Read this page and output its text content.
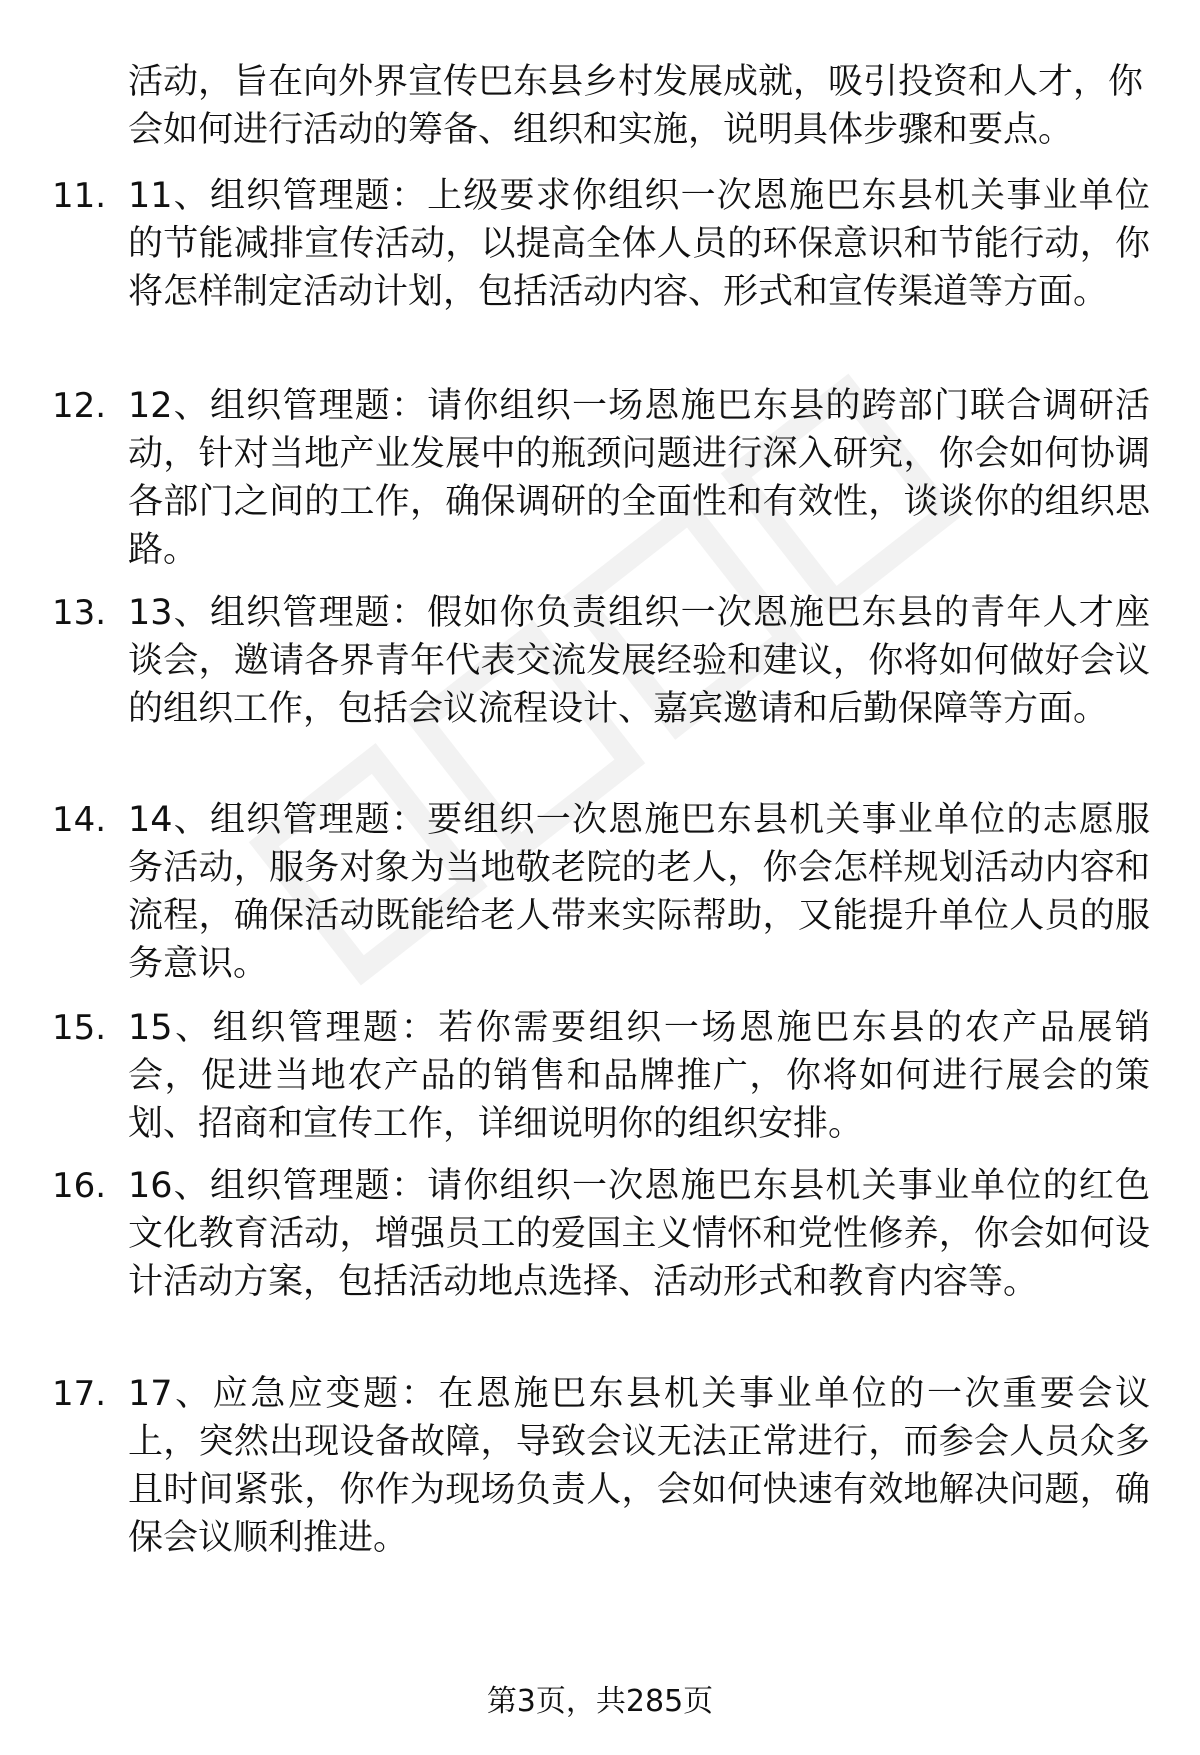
活动，旨在向外界宣传巴东县乡村发展成就，吸引投资和人才，你会如何进行活动的筹备、组织和实施，说明具体步骤和要点。
11. 11、组织管理题：上级要求你组织一次恩施巴东县机关事业单位的节能减排宣传活动，以提高全体人员的环保意识和节能行动，你将怎样制定活动计划，包括活动内容、形式和宣传渠道等方面。
12. 12、组织管理题：请你组织一场恩施巴东县的跨部门联合调研活动，针对当地产业发展中的瓶颈问题进行深入研究，你会如何协调各部门之间的工作，确保调研的全面性和有效性，谈谈你的组织思路。
13. 13、组织管理题：假如你负责组织一次恩施巴东县的青年人才座谈会，邀请各界青年代表交流发展经验和建议，你将如何做好会议的组织工作，包括会议流程设计、嘉宾邀请和后勤保障等方面。
14. 14、组织管理题：要组织一次恩施巴东县机关事业单位的志愿服务活动，服务对象为当地敬老院的老人，你会怎样规划活动内容和流程，确保活动既能给老人带来实际帮助，又能提升单位人员的服务意识。
15. 15、组织管理题：若你需要组织一场恩施巴东县的农产品展销会，促进当地农产品的销售和品牌推广，你将如何进行展会的策划、招商和宣传工作，详细说明你的组织安排。
16. 16、组织管理题：请你组织一次恩施巴东县机关事业单位的红色文化教育活动，增强员工的爱国主义情怀和党性修养，你会如何设计活动方案，包括活动地点选择、活动形式和教育内容等。
17. 17、应急应变题：在恩施巴东县机关事业单位的一次重要会议上，突然出现设备故障，导致会议无法正常进行，而参会人员众多且时间紧张，你作为现场负责人，会如何快速有效地解决问题，确保会议顺利推进。
第3页，共285页
